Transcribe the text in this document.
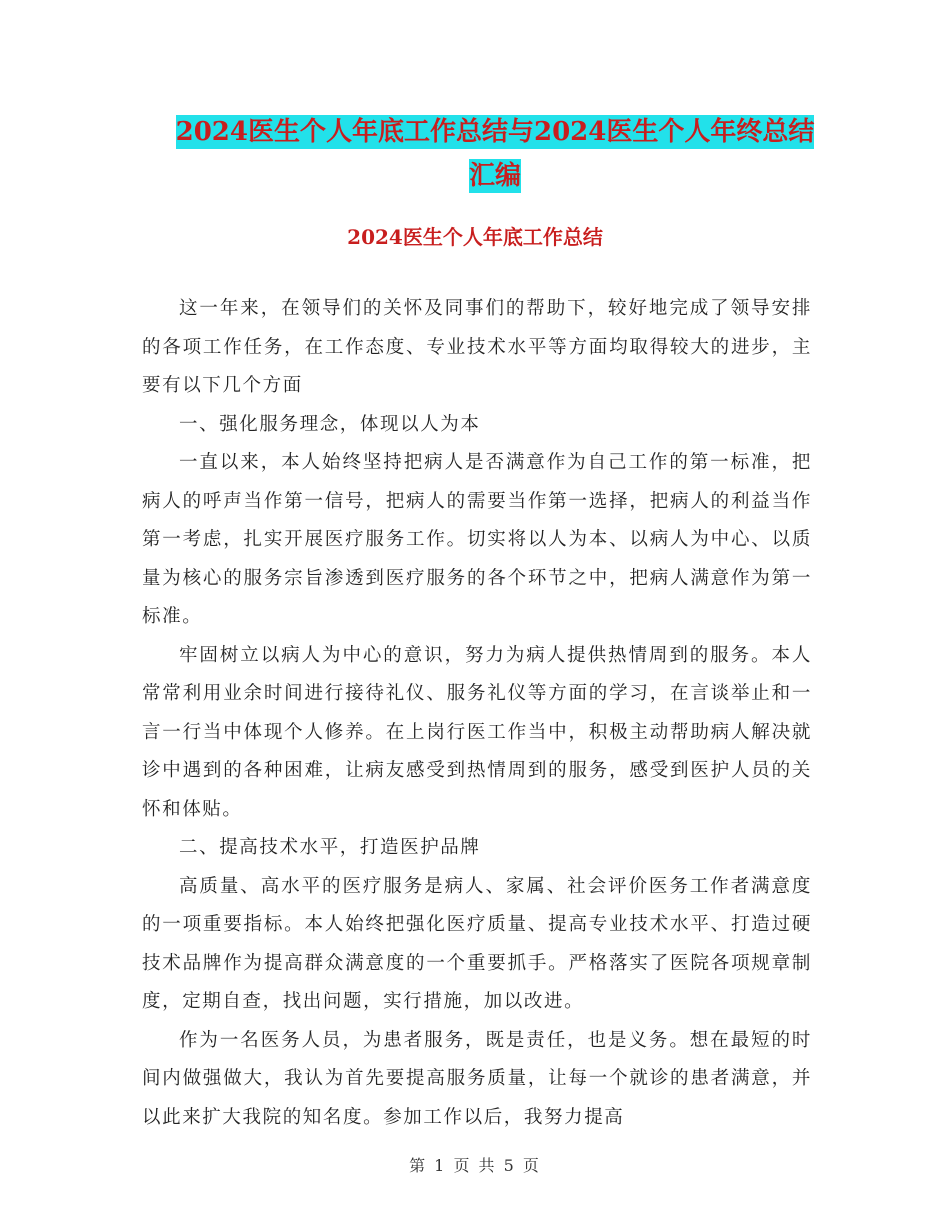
2024医生个人年底工作总结与2024医生个人年终总结
汇编
2024医生个人年底工作总结

这一年来，在领导们的关怀及同事们的帮助下，较好地完成了领导安排的各项工作任务，在工作态度、专业技术水平等方面均取得较大的进步，主要有以下几个方面

一、强化服务理念，体现以人为本

一直以来，本人始终坚持把病人是否满意作为自己工作的第一标准，把病人的呼声当作第一信号，把病人的需要当作第一选择，把病人的利益当作第一考虑，扎实开展医疗服务工作。切实将以人为本、以病人为中心、以质量为核心的服务宗旨渗透到医疗服务的各个环节之中，把病人满意作为第一标准。

牢固树立以病人为中心的意识，努力为病人提供热情周到的服务。本人常常利用业余时间进行接待礼仪、服务礼仪等方面的学习，在言谈举止和一言一行当中体现个人修养。在上岗行医工作当中，积极主动帮助病人解决就诊中遇到的各种困难，让病友感受到热情周到的服务，感受到医护人员的关怀和体贴。

二、提高技术水平，打造医护品牌

高质量、高水平的医疗服务是病人、家属、社会评价医务工作者满意度的一项重要指标。本人始终把强化医疗质量、提高专业技术水平、打造过硬技术品牌作为提高群众满意度的一个重要抓手。严格落实了医院各项规章制度，定期自查，找出问题，实行措施，加以改进。

作为一名医务人员，为患者服务，既是责任，也是义务。想在最短的时间内做强做大，我认为首先要提高服务质量，让每一个就诊的患者满意，并以此来扩大我院的知名度。参加工作以后，我努力提高

第 1 页 共 5 页
